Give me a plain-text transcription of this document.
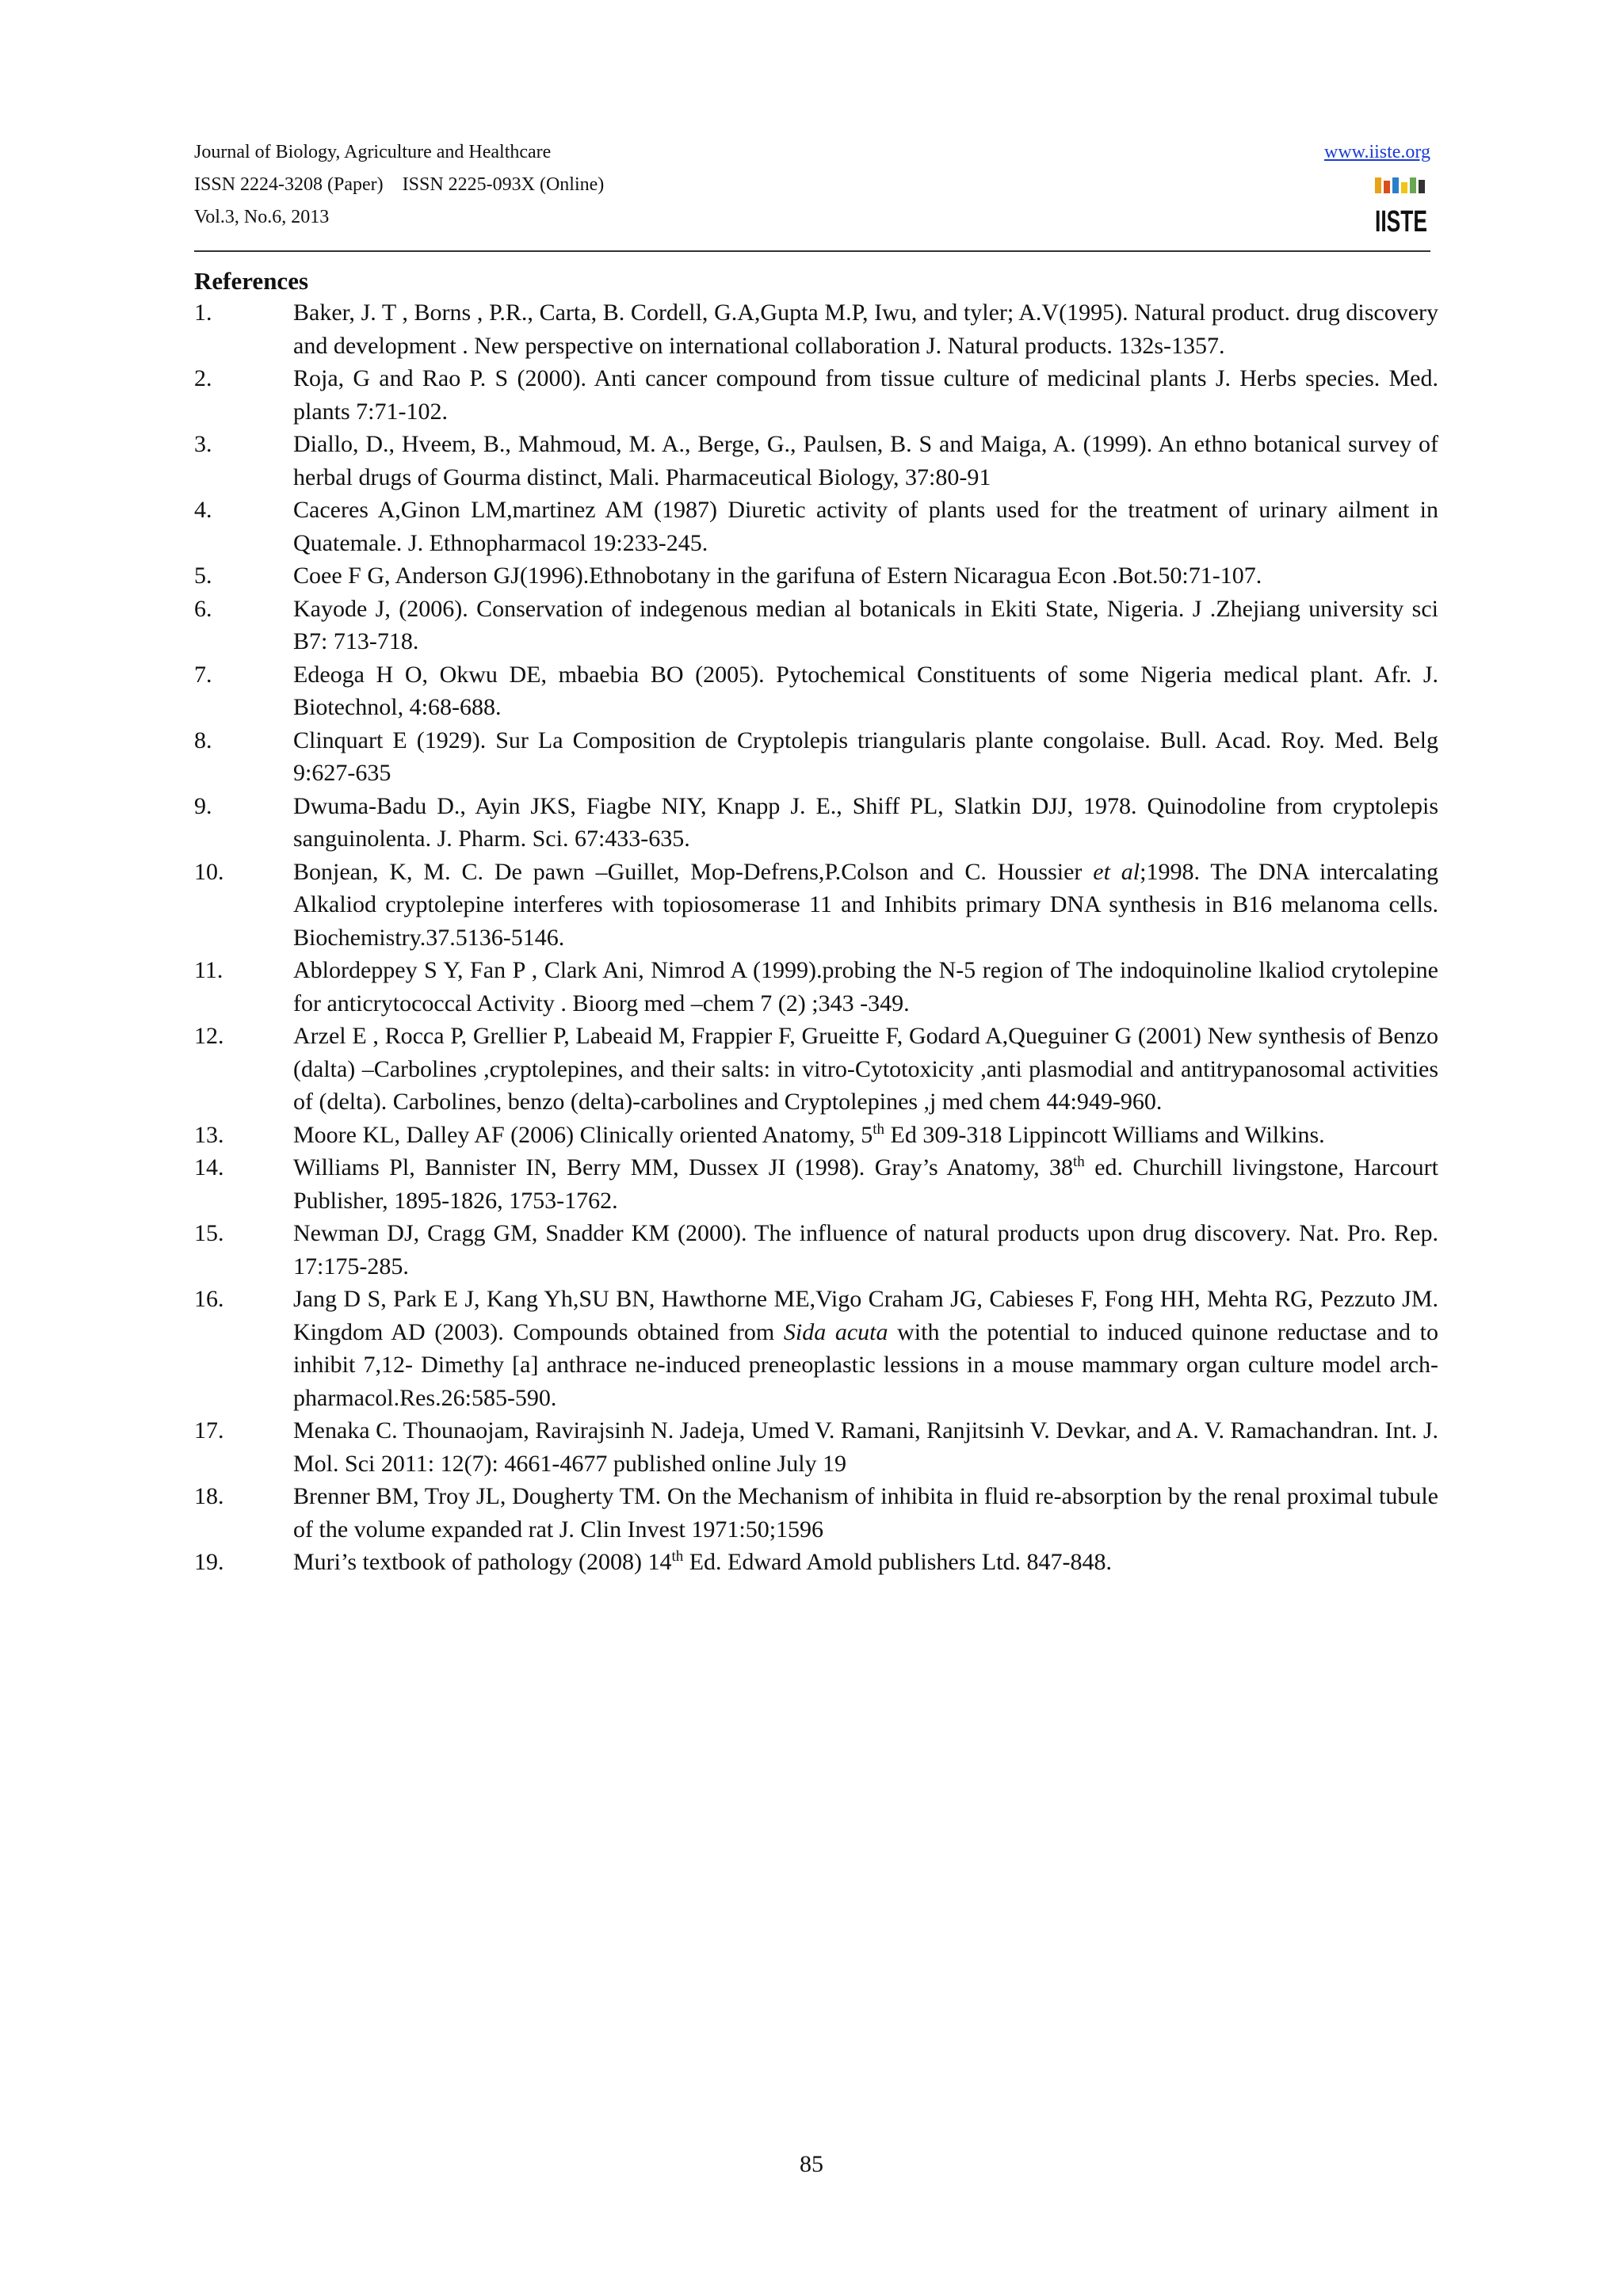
Journal of Biology, Agriculture and Healthcare
ISSN 2224-3208 (Paper)    ISSN 2225-093X (Online)
Vol.3, No.6, 2013
www.iiste.org
IISTE
References
1.	Baker, J. T , Borns , P.R., Carta, B. Cordell, G.A,Gupta M.P, Iwu, and tyler; A.V(1995). Natural product. drug discovery and development . New perspective on international collaboration J. Natural products. 132s-1357.
2.	Roja, G and Rao P. S (2000). Anti cancer compound from tissue culture of medicinal plants J. Herbs species. Med. plants 7:71-102.
3.	Diallo, D., Hveem, B., Mahmoud, M. A., Berge, G., Paulsen, B. S and Maiga, A. (1999). An ethno botanical survey of herbal drugs of Gourma distinct, Mali. Pharmaceutical Biology, 37:80-91
4.	Caceres A,Ginon LM,martinez AM (1987) Diuretic activity of plants used for the treatment of urinary ailment in Quatemale. J. Ethnopharmacol 19:233-245.
5.	Coee F G, Anderson GJ(1996).Ethnobotany in the garifuna of Estern Nicaragua Econ .Bot.50:71-107.
6.	Kayode J, (2006). Conservation of indegenous median al botanicals in Ekiti State, Nigeria. J .Zhejiang university sci B7: 713-718.
7.	Edeoga H O, Okwu DE, mbaebia BO (2005). Pytochemical Constituents of some Nigeria medical plant. Afr. J. Biotechnol, 4:68-688.
8.	Clinquart E (1929). Sur La Composition de Cryptolepis triangularis plante congolaise. Bull. Acad. Roy. Med. Belg 9:627-635
9.	Dwuma-Badu D., Ayin JKS, Fiagbe NIY, Knapp J. E., Shiff PL, Slatkin DJJ, 1978. Quinodoline from cryptolepis sanguinolenta. J. Pharm. Sci. 67:433-635.
10.	Bonjean, K, M. C. De pawn –Guillet, Mop-Defrens,P.Colson and C. Houssier et al;1998. The DNA intercalating Alkaliod cryptolepine interferes with topiosomerase 11 and Inhibits primary DNA synthesis in B16 melanoma cells. Biochemistry.37.5136-5146.
11.	Ablordeppey S Y, Fan P , Clark Ani, Nimrod A (1999).probing the N-5 region of The indoquinoline lkaliod crytolepine for anticrytococcal Activity . Bioorg med –chem 7 (2) ;343 -349.
12.	Arzel E , Rocca P, Grellier P, Labeaid M, Frappier F, Grueitte F, Godard A,Queguiner G (2001) New synthesis of Benzo (dalta) –Carbolines ,cryptolepines, and their salts: in vitro-Cytotoxicity ,anti plasmodial and antitrypanosomal activities of (delta). Carbolines, benzo (delta)-carbolines and Cryptolepines ,j med chem 44:949-960.
13.	Moore KL, Dalley AF (2006) Clinically oriented Anatomy, 5th Ed 309-318 Lippincott Williams and Wilkins.
14.	Williams Pl, Bannister IN, Berry MM, Dussex JI (1998). Gray’s Anatomy, 38th ed. Churchill livingstone, Harcourt Publisher, 1895-1826, 1753-1762.
15.	Newman DJ, Cragg GM, Snadder KM (2000). The influence of natural products upon drug discovery. Nat. Pro. Rep. 17:175-285.
16.	Jang D S, Park E J, Kang Yh,SU BN, Hawthorne ME,Vigo Craham JG, Cabieses F, Fong HH, Mehta RG, Pezzuto JM. Kingdom AD (2003). Compounds obtained from Sida acuta with the potential to induced quinone reductase and to inhibit 7,12- Dimethy [a] anthrace ne-induced preneoplastic lessions in a mouse mammary organ culture model arch-pharmacol.Res.26:585-590.
17.	Menaka C. Thounaojam, Ravirajsinh N. Jadeja, Umed V. Ramani, Ranjitsinh V. Devkar, and A. V. Ramachandran. Int. J. Mol. Sci 2011: 12(7): 4661-4677 published online July 19
18.	Brenner BM, Troy JL, Dougherty TM. On the Mechanism of inhibita in fluid re-absorption by the renal proximal tubule of the volume expanded rat J. Clin Invest 1971:50;1596
19.	Muri’s textbook of pathology (2008) 14th Ed. Edward Amold publishers Ltd. 847-848.
85
